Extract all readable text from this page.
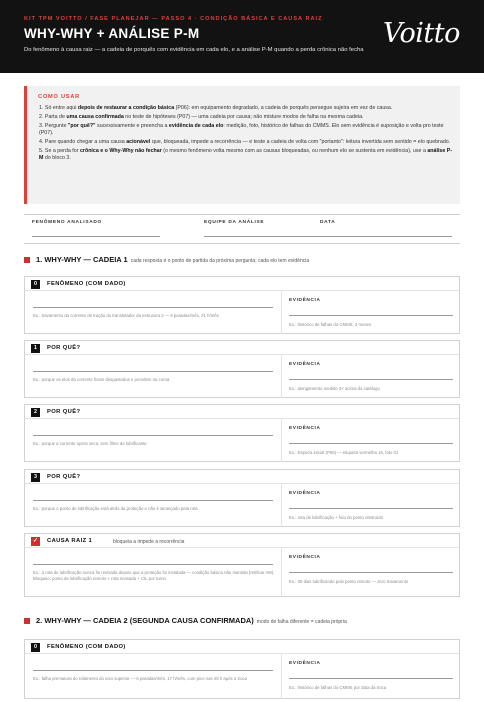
KIT TPM VOITTO / FASE PLANEJAR — PASSO 4 · CONDIÇÃO BÁSICA E CAUSA RAIZ
WHY-WHY + ANÁLISE P-M
Do fenômeno à causa raiz — a cadeia de porquês com evidência em cada elo, e a análise P-M quando a perda crônica não fecha
Voitto
COMO USAR
1. Só entre aqui depois de restaurar a condição básica (P06): em equipamento degradado, a cadeia de porquês persegue sujeira em vez de causa.
2. Parta de uma causa confirmada no teste de hipóteses (P07) — uma cadeia por causa; não misture modos de falha na mesma cadeia.
3. Pergunte "por quê?" sucessivamente e preencha a evidência de cada elo: medição, foto, histórico de falhas do CMMS. Elo sem evidência é suposição e volta pro teste (P07).
4. Pare quando chegar a uma causa acionável que, bloqueada, impede a recorrência — e teste a cadeia de volta com "portanto": leitura invertida sem sentido = elo quebrado.
5. Se a perda for crônica e o Why-Why não fechar (o mesmo fenômeno volta mesmo com as causas bloqueadas, ou nenhum elo se sustenta em evidência), use a análise P-M do bloco 3.
FENÔMENO ANALISADO	EQUIPE DA ANÁLISE	DATA
1. WHY-WHY — CADEIA 1 cada resposta é o ponto de partida da próxima pergunta; cada elo tem evidência
0	FENÔMENO (COM DADO)
Ex.: travamento da corrente de tração do transletador da estrusora 2 — 6 paradas/mês, 21 h/mês
EVIDÊNCIA
Ex.: histórico de falhas do CMMS, 3 meses
1	POR QUÊ?
Ex.: porque os elos da corrente ficam desgastados e prendem na coroa
EVIDÊNCIA
Ex.: alongamento medido 3× acima do catálogo
2	POR QUÊ?
Ex.: porque a corrente opera seca, sem filme de lubrificante
EVIDÊNCIA
Ex.: limpeza inicial (P06) — etiqueta vermelha 15, foto 01
3	POR QUÊ?
Ex.: porque o ponto de lubrificação está atrás da proteção e não é alcançado pela rota
EVIDÊNCIA
Ex.: rota de lubrificação + foto do ponto obstruído
✓	CAUSA RAIZ 1	bloqueia a impede a recorrência
Ex.: a rota de lubrificação nunca foi revisada depois que a proteção foi instalada — condição básica não mantida (retificar AM). Bloqueio: ponto de lubrificação remoto + rota revisada + CIL por turno
EVIDÊNCIA
Ex.: 30 dias lubrificando pelo ponto remoto — zero travamento
2. WHY-WHY — CADEIA 2 (SEGUNDA CAUSA CONFIRMADA) modo de falha diferente = cadeia própria
0	FENÔMENO (COM DADO)
Ex.: falha prematura do rolamento do eixo superior — 6 paradas/mês, 17 h/mês, com pico nas 48 h após a troca
EVIDÊNCIA
Ex.: histórico de falhas do CMMS por data da troca
